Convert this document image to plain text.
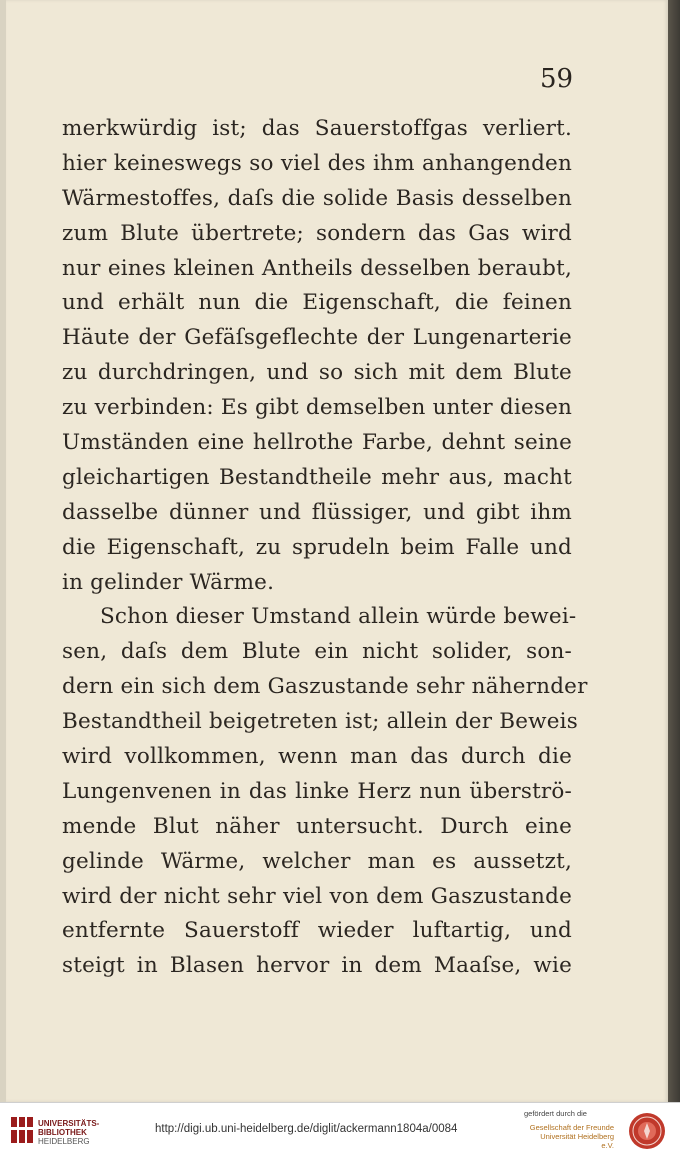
59
merkwürdig ist; das Sauerstoffgas verliert.
hier keineswegs so viel des ihm anhangenden
Wärmestoffes, daſs die solide Basis desselben
zum Blute übertrete; sondern das Gas wird
nur eines kleinen Antheils desselben beraubt,
und erhält nun die Eigenschaft, die feinen
Häute der Gefäſsgeflechte der Lungenarterie
zu durchdringen, und so sich mit dem Blute
zu verbinden: Es gibt demselben unter diesen
Umständen eine hellrothe Farbe, dehnt seine
gleichartigen Bestandtheile mehr aus, macht
dasselbe dünner und flüssiger, und gibt ihm
die Eigenschaft, zu sprudeln beim Falle und
in gelinder Wärme.
Schon dieser Umstand allein würde bewei-
sen, daſs dem Blute ein nicht solider, son-
dern ein sich dem Gaszustande sehr nähernder
Bestandtheil beigetreten ist; allein der Beweis
wird vollkommen, wenn man das durch die
Lungenvenen in das linke Herz nun überströ-
mende Blut näher untersucht. Durch eine
gelinde Wärme, welcher man es aussetzt,
wird der nicht sehr viel von dem Gaszustande
entfernte Sauerstoff wieder luftartig, und
steigt in Blasen hervor in dem Maaſse, wie
UNIVERSITÄTS-
BIBLIOTHEK
HEIDELBERG
http://digi.ub.uni-heidelberg.de/diglit/ackermann1804a/0084
gefördert durch die
Gesellschaft der Freunde
Universität Heidelberg e.V.
